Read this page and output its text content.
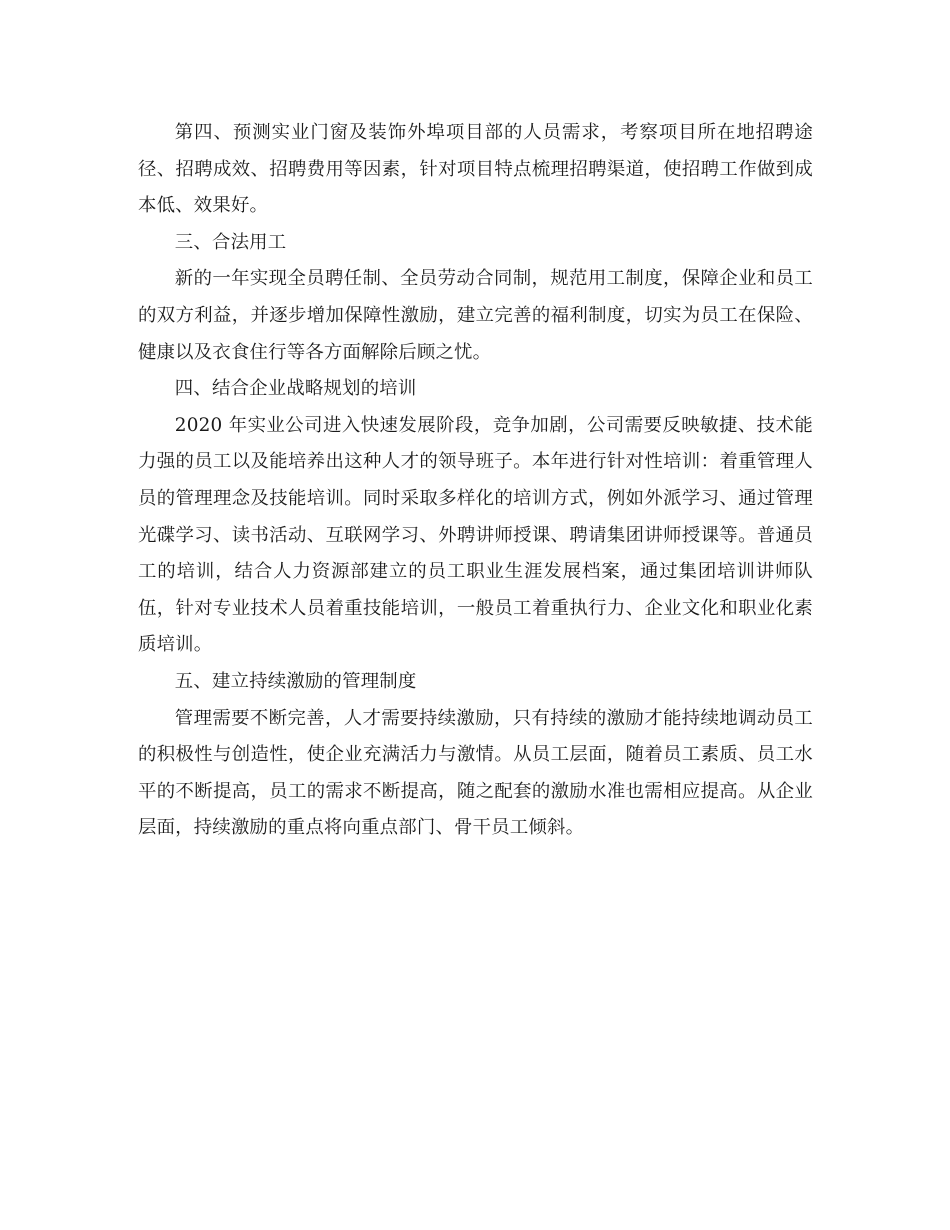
第四、预测实业门窗及装饰外埠项目部的人员需求，考察项目所在地招聘途径、招聘成效、招聘费用等因素，针对项目特点梳理招聘渠道，使招聘工作做到成本低、效果好。

三、合法用工

新的一年实现全员聘任制、全员劳动合同制，规范用工制度，保障企业和员工的双方利益，并逐步增加保障性激励，建立完善的福利制度，切实为员工在保险、健康以及衣食住行等各方面解除后顾之忧。

四、结合企业战略规划的培训

2020 年实业公司进入快速发展阶段，竞争加剧，公司需要反映敏捷、技术能力强的员工以及能培养出这种人才的领导班子。本年进行针对性培训：着重管理人员的管理理念及技能培训。同时采取多样化的培训方式，例如外派学习、通过管理光碟学习、读书活动、互联网学习、外聘讲师授课、聘请集团讲师授课等。普通员工的培训，结合人力资源部建立的员工职业生涯发展档案，通过集团培训讲师队伍，针对专业技术人员着重技能培训，一般员工着重执行力、企业文化和职业化素质培训。

五、建立持续激励的管理制度

管理需要不断完善，人才需要持续激励，只有持续的激励才能持续地调动员工的积极性与创造性，使企业充满活力与激情。从员工层面，随着员工素质、员工水平的不断提高，员工的需求不断提高，随之配套的激励水准也需相应提高。从企业层面，持续激励的重点将向重点部门、骨干员工倾斜。
